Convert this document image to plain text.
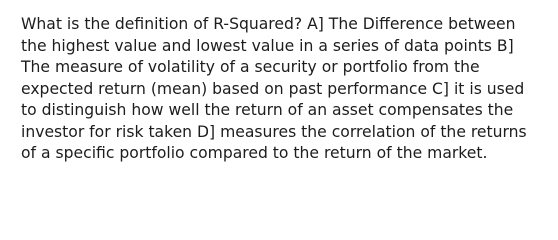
What is the definition of R-Squared? A] The Difference between
the highest value and lowest value in a series of data points B]
The measure of volatility of a security or portfolio from the
expected return (mean) based on past performance C] it is used
to distinguish how well the return of an asset compensates the
investor for risk taken D] measures the correlation of the returns
of a specific portfolio compared to the return of the market.
